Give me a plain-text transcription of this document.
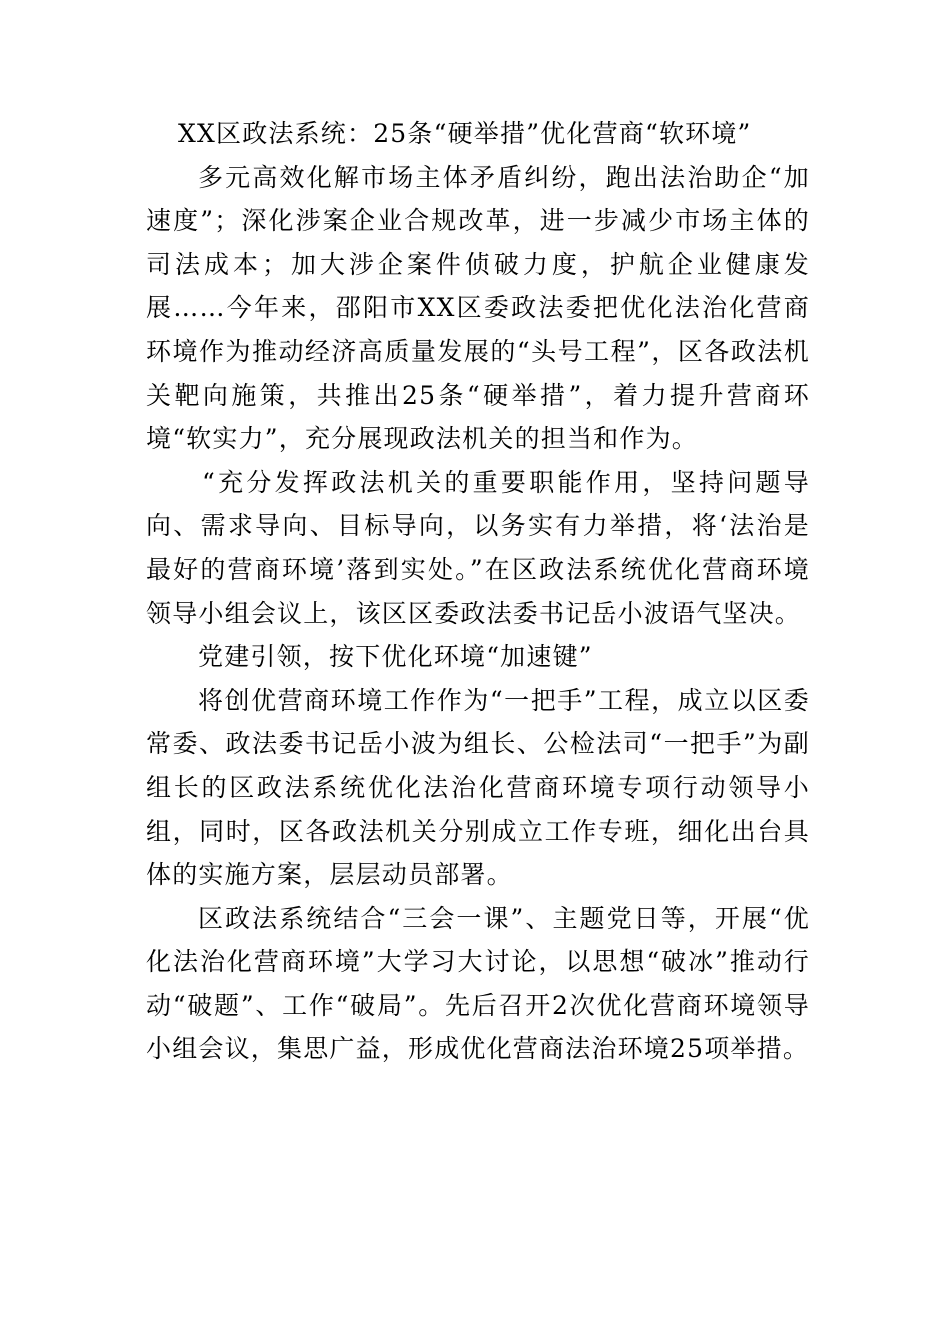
XX区政法系统：25条“硬举措”优化营商“软环境”

多元高效化解市场主体矛盾纠纷，跑出法治助企“加速度”；深化涉案企业合规改革，进一步减少市场主体的司法成本；加大涉企案件侦破力度，护航企业健康发展……今年来，邵阳市XX区委政法委把优化法治化营商环境作为推动经济高质量发展的“头号工程”，区各政法机关靶向施策，共推出25条“硬举措”，着力提升营商环境“软实力”，充分展现政法机关的担当和作为。

“充分发挥政法机关的重要职能作用，坚持问题导向、需求导向、目标导向，以务实有力举措，将‘法治是最好的营商环境’落到实处。”在区政法系统优化营商环境领导小组会议上，该区区委政法委书记岳小波语气坚决。

党建引领，按下优化环境“加速键”

将创优营商环境工作作为“一把手”工程，成立以区委常委、政法委书记岳小波为组长、公检法司“一把手”为副组长的区政法系统优化法治化营商环境专项行动领导小组，同时，区各政法机关分别成立工作专班，细化出台具体的实施方案，层层动员部署。

区政法系统结合“三会一课”、主题党日等，开展“优化法治化营商环境”大学习大讨论，以思想“破冰”推动行动“破题”、工作“破局”。先后召开2次优化营商环境领导小组会议，集思广益，形成优化营商法治环境25项举措。
